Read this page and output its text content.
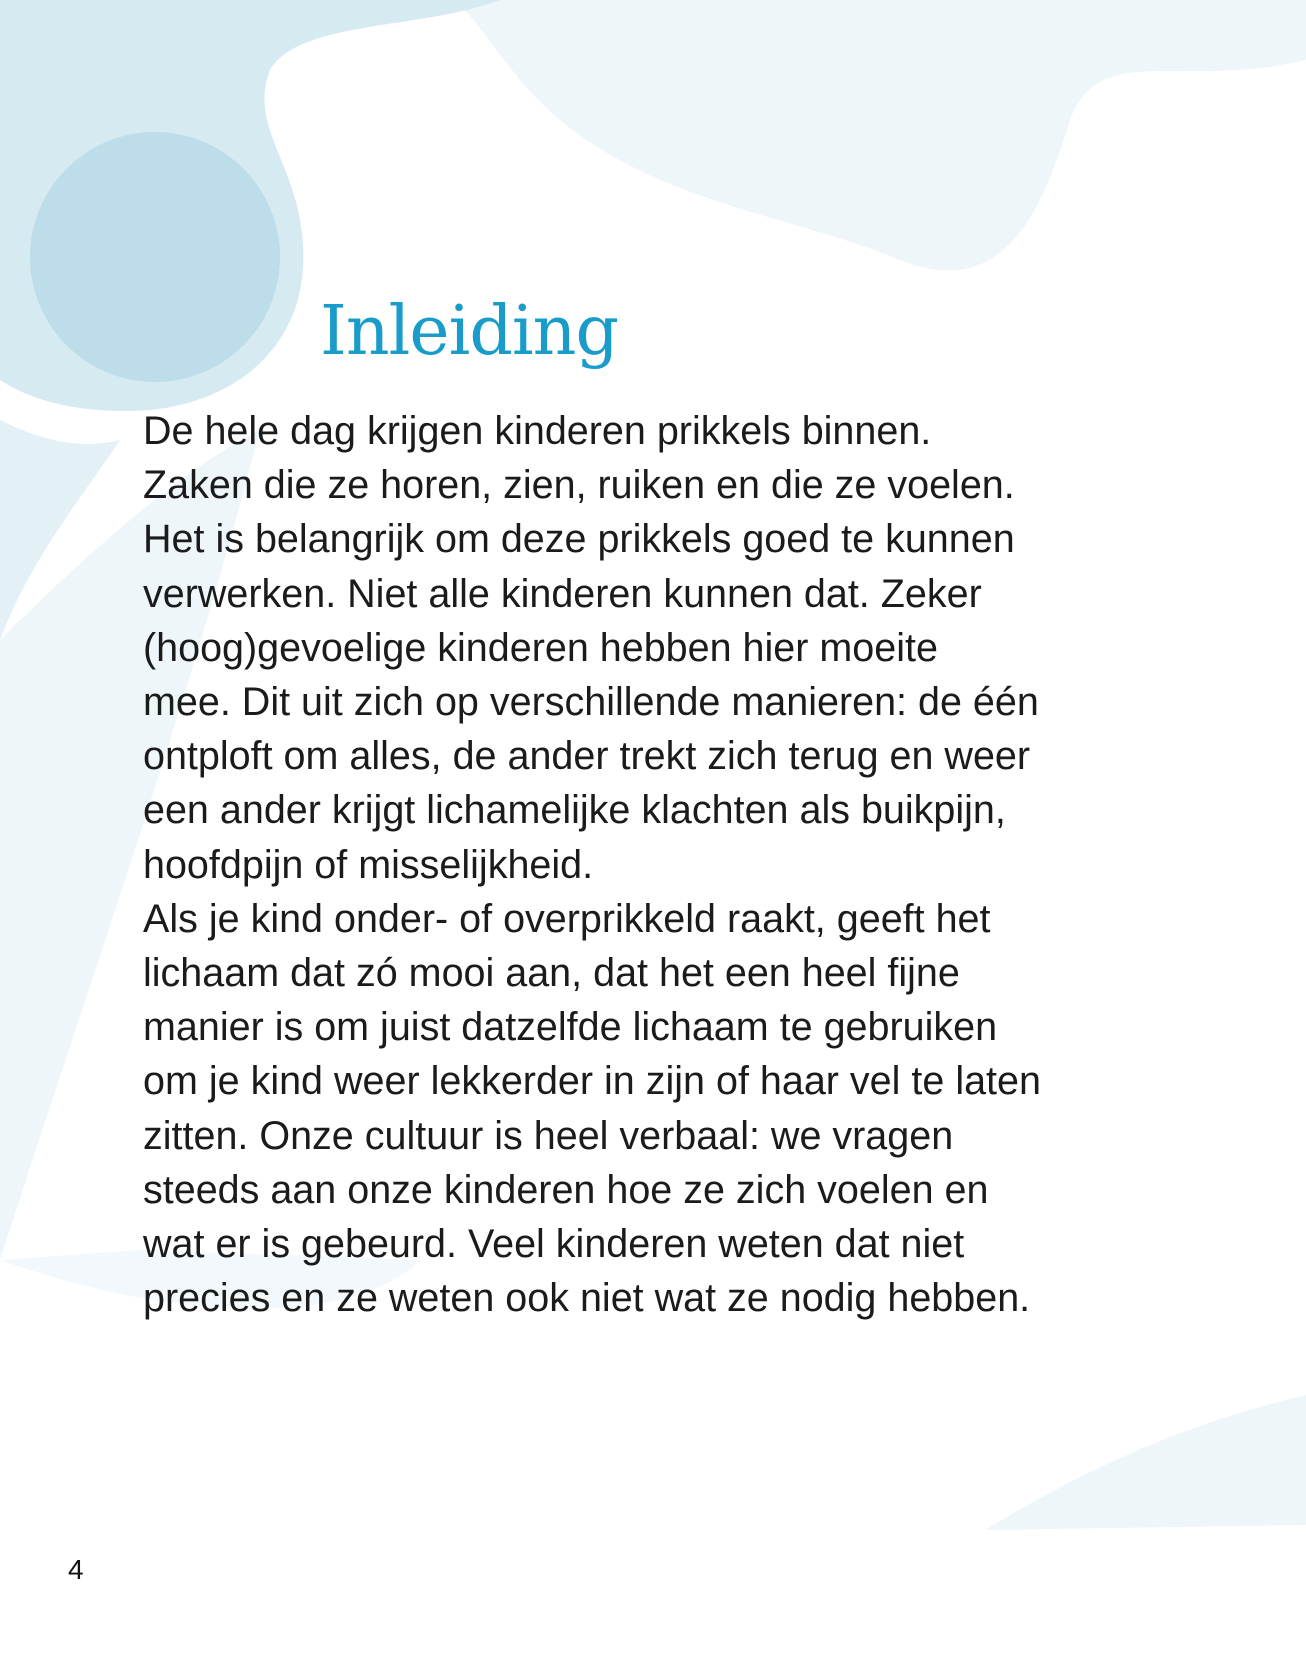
Inleiding
De hele dag krijgen kinderen prikkels binnen.
Zaken die ze horen, zien, ruiken en die ze voelen.
Het is belangrijk om deze prikkels goed te kunnen
verwerken. Niet alle kinderen kunnen dat. Zeker
(hoog)gevoelige kinderen hebben hier moeite
mee. Dit uit zich op verschillende manieren: de één
ontploft om alles, de ander trekt zich terug en weer
een ander krijgt lichamelijke klachten als buikpijn,
hoofdpijn of misselijkheid.
Als je kind onder- of overprikkeld raakt, geeft het
lichaam dat zó mooi aan, dat het een heel fijne
manier is om juist datzelfde lichaam te gebruiken
om je kind weer lekkerder in zijn of haar vel te laten
zitten. Onze cultuur is heel verbaal: we vragen
steeds aan onze kinderen hoe ze zich voelen en
wat er is gebeurd. Veel kinderen weten dat niet
precies en ze weten ook niet wat ze nodig hebben.
4
